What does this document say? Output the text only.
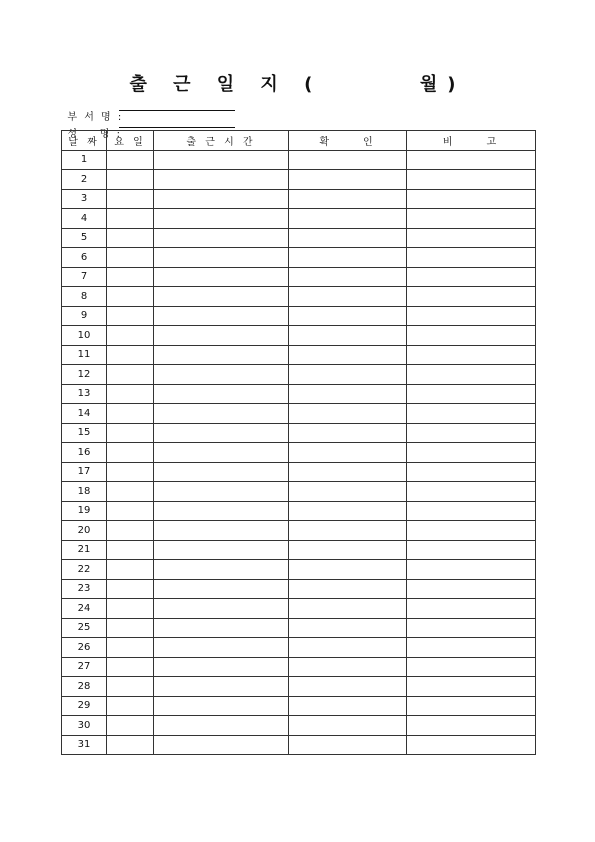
출 근 일 지 (      월)

부 서 명 :

성    명 :

날 짜	요 일	출 근 시 간	확     인	비     고
1				
2				
3				
4				
5				
6				
7				
8				
9				
10				
11				
12				
13				
14				
15				
16				
17				
18				
19				
20				
21				
22				
23				
24				
25				
26				
27				
28				
29				
30				
31				
